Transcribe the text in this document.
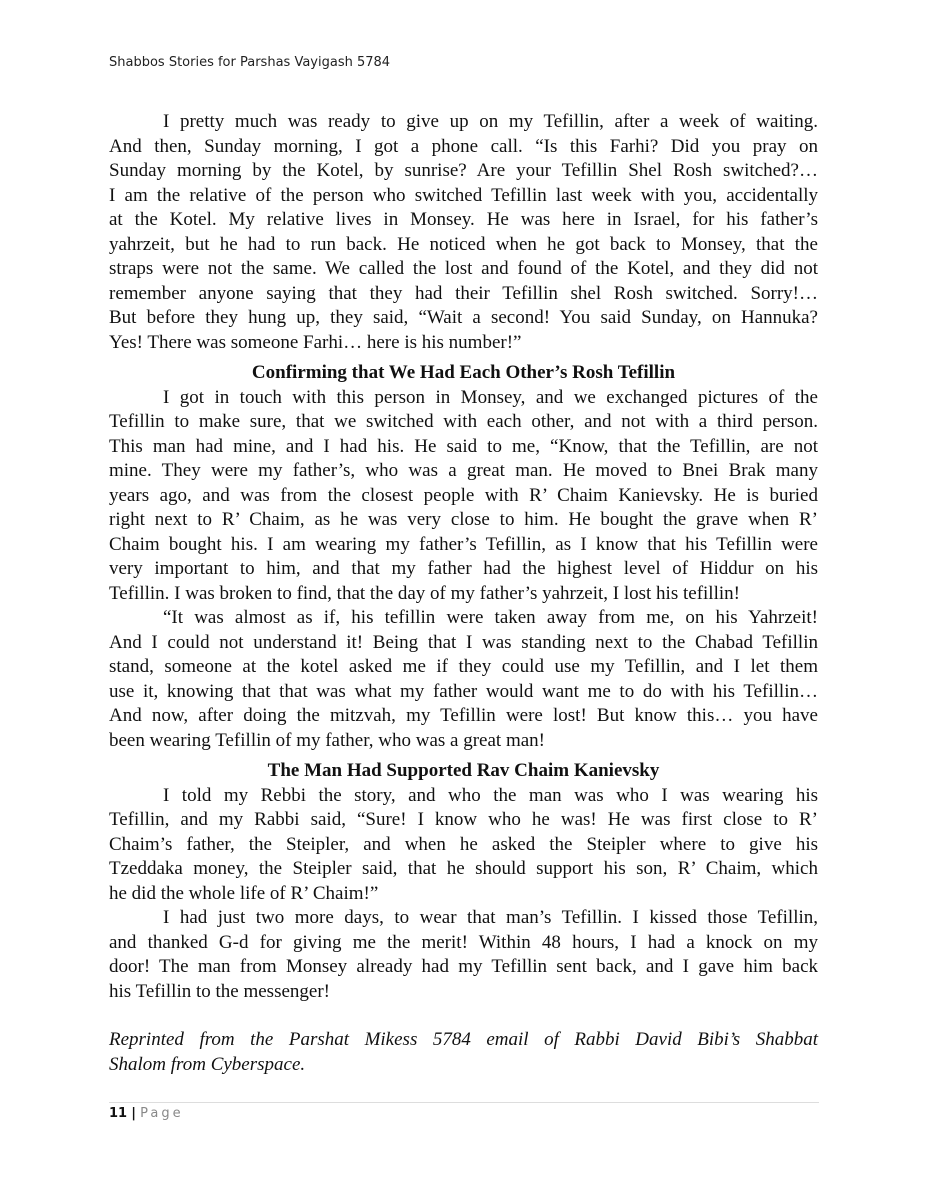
Shabbos Stories for Parshas Vayigash 5784
I pretty much was ready to give up on my Tefillin, after a week of waiting.
And then, Sunday morning, I got a phone call. “Is this Farhi? Did you pray on
Sunday morning by the Kotel, by sunrise? Are your Tefillin Shel Rosh switched?…
I am the relative of the person who switched Tefillin last week with you, accidentally
at the Kotel. My relative lives in Monsey. He was here in Israel, for his father’s
yahrzeit, but he had to run back. He noticed when he got back to Monsey, that the
straps were not the same. We called the lost and found of the Kotel, and they did not
remember anyone saying that they had their Tefillin shel Rosh switched. Sorry!…
But before they hung up, they said, “Wait a second! You said Sunday, on Hannuka?
Yes! There was someone Farhi… here is his number!”
Confirming that We Had Each Other’s Rosh Tefillin
I got in touch with this person in Monsey, and we exchanged pictures of the
Tefillin to make sure, that we switched with each other, and not with a third person.
This man had mine, and I had his. He said to me, “Know, that the Tefillin, are not
mine. They were my father’s, who was a great man. He moved to Bnei Brak many
years ago, and was from the closest people with R’ Chaim Kanievsky. He is buried
right next to R’ Chaim, as he was very close to him. He bought the grave when R’
Chaim bought his. I am wearing my father’s Tefillin, as I know that his Tefillin were
very important to him, and that my father had the highest level of Hiddur on his
Tefillin. I was broken to find, that the day of my father’s yahrzeit, I lost his tefillin!
“It was almost as if, his tefillin were taken away from me, on his Yahrzeit!
And I could not understand it! Being that I was standing next to the Chabad Tefillin
stand, someone at the kotel asked me if they could use my Tefillin, and I let them
use it, knowing that that was what my father would want me to do with his Tefillin…
And now, after doing the mitzvah, my Tefillin were lost! But know this… you have
been wearing Tefillin of my father, who was a great man!
The Man Had Supported Rav Chaim Kanievsky
I told my Rebbi the story, and who the man was who I was wearing his
Tefillin, and my Rabbi said, “Sure! I know who he was! He was first close to R’
Chaim’s father, the Steipler, and when he asked the Steipler where to give his
Tzeddaka money, the Steipler said, that he should support his son, R’ Chaim, which
he did the whole life of R’ Chaim!”
I had just two more days, to wear that man’s Tefillin. I kissed those Tefillin,
and thanked G-d for giving me the merit! Within 48 hours, I had a knock on my
door! The man from Monsey already had my Tefillin sent back, and I gave him back
his Tefillin to the messenger!
Reprinted from the Parshat Mikess 5784 email of Rabbi David Bibi’s Shabbat
Shalom from Cyberspace.
11 | Page
